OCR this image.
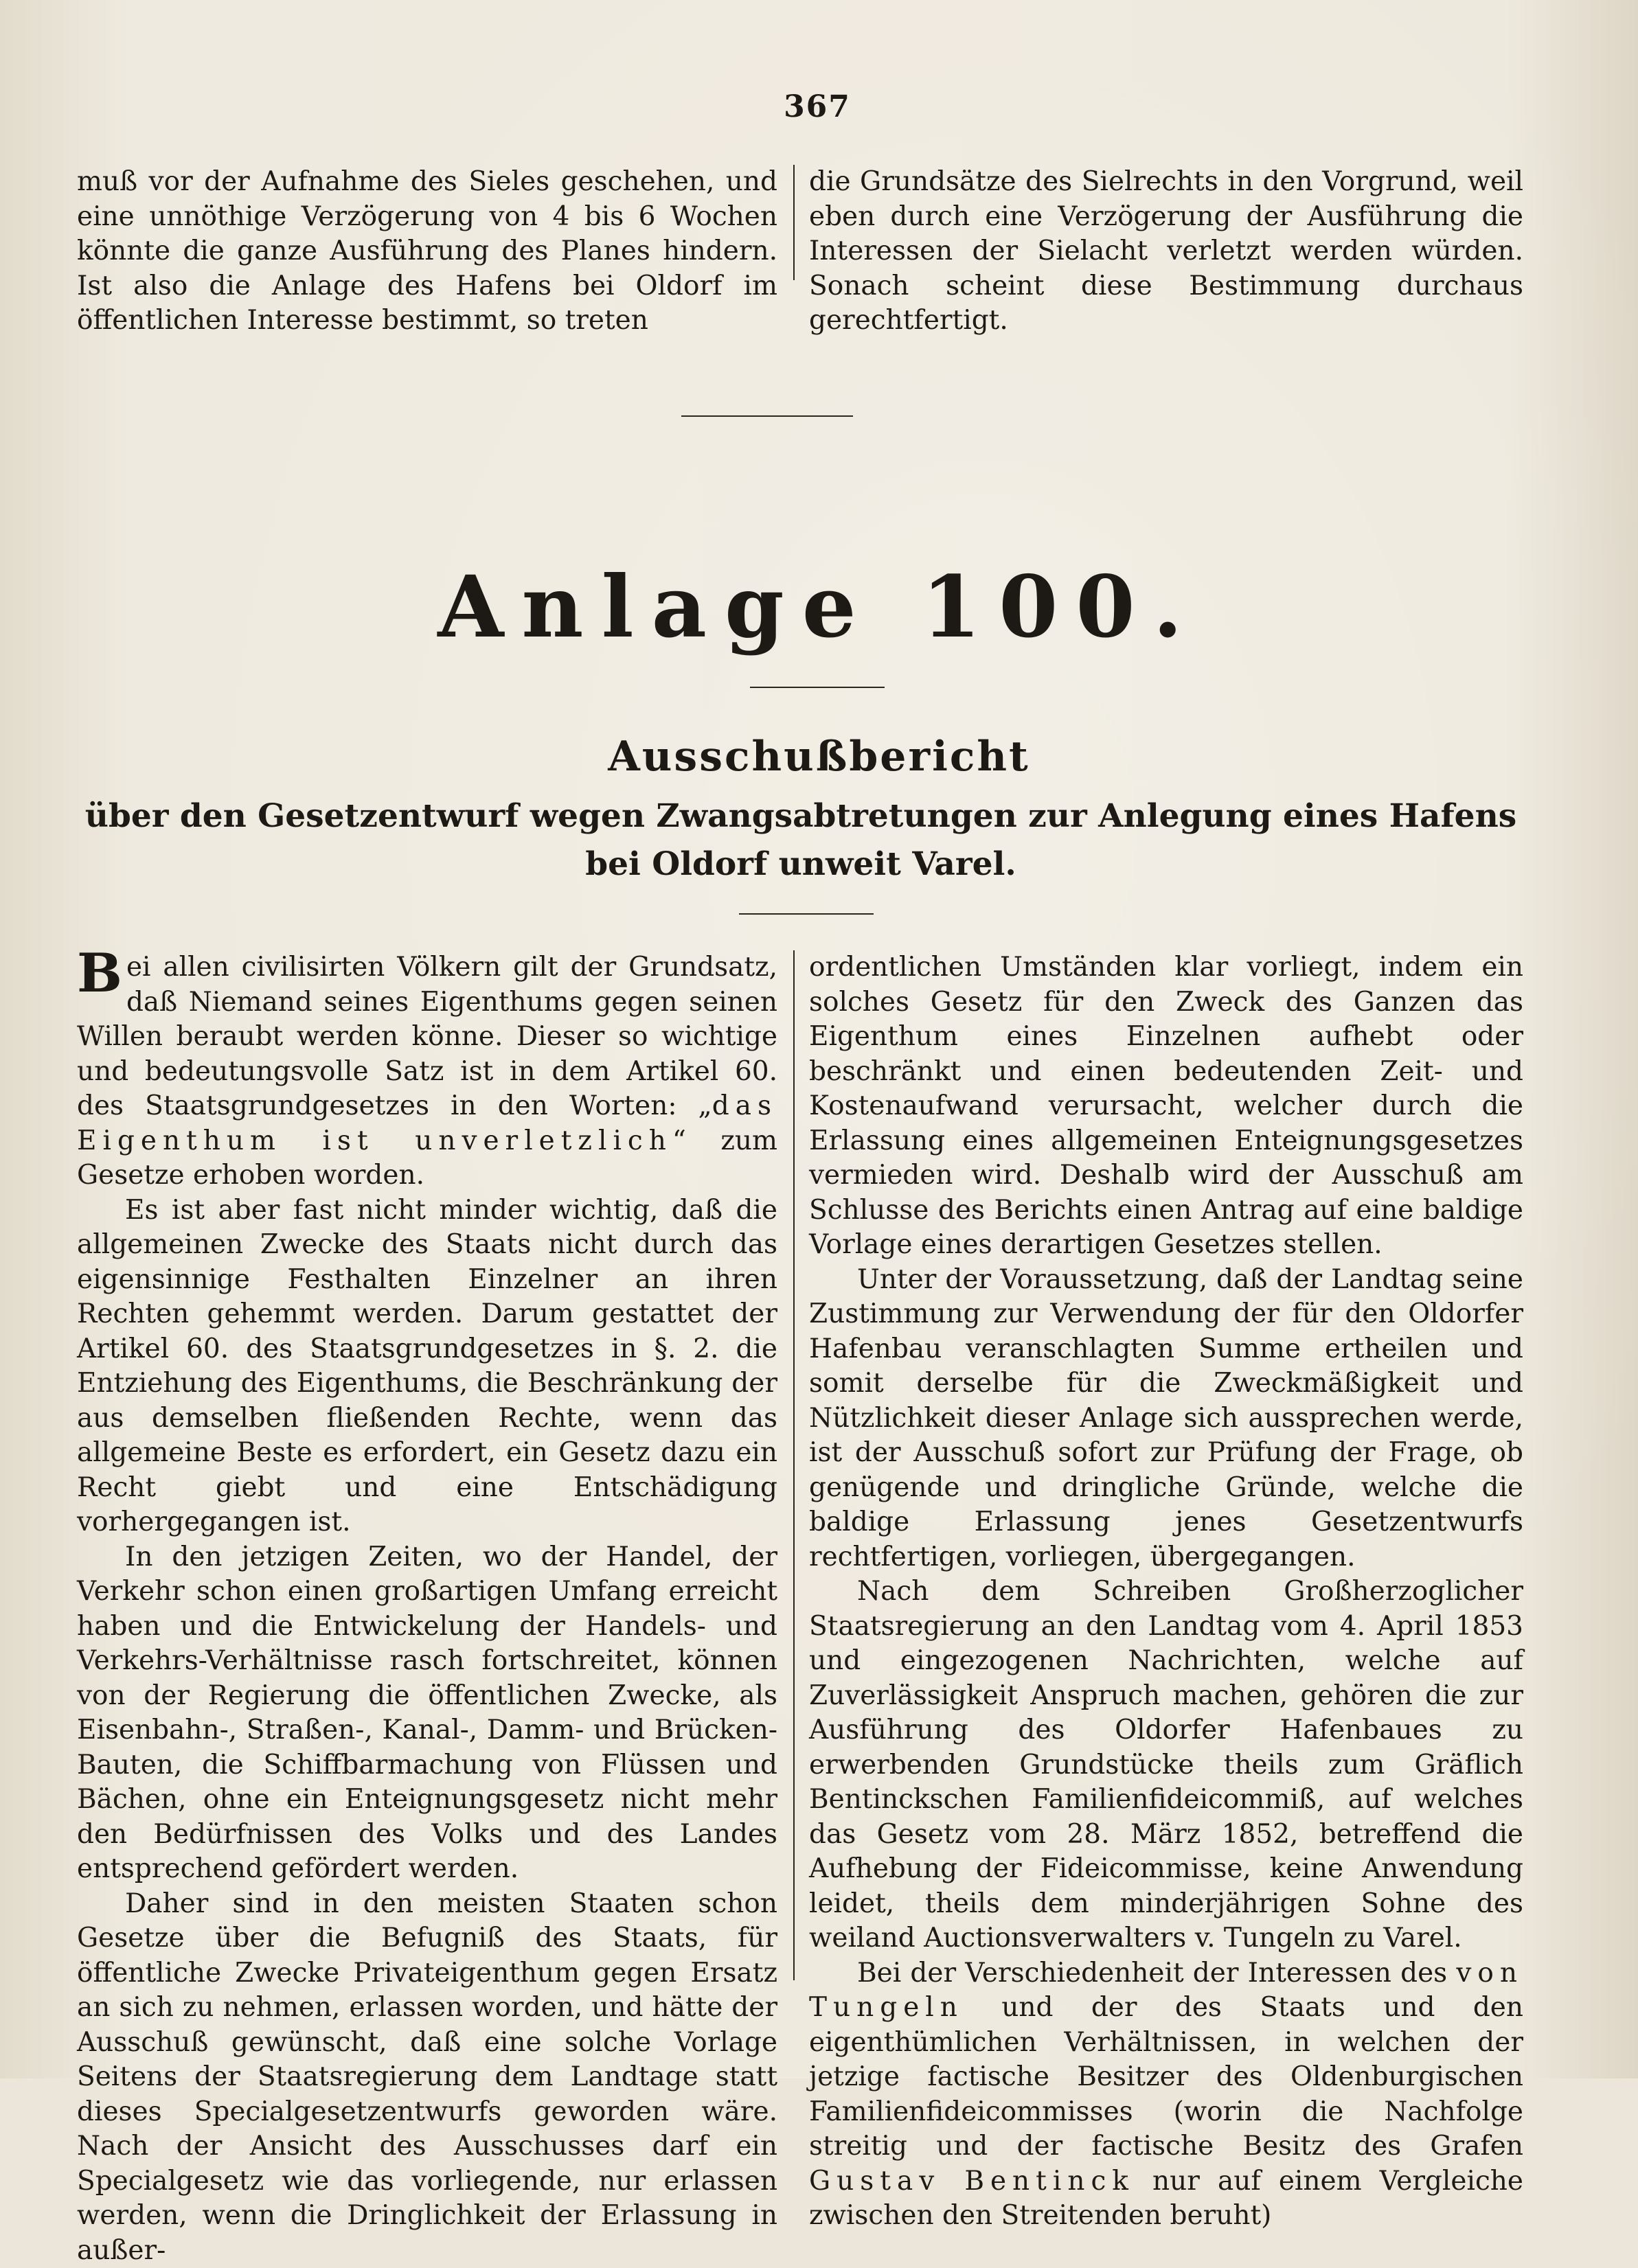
367

muß vor der Aufnahme des Sieles geschehen, und eine unnöthige Verzögerung von 4 bis 6 Wochen könnte die ganze Ausführung des Planes hindern. Ist also die Anlage des Hafens bei Oldorf im öffentlichen Interesse bestimmt, so treten

die Grundsätze des Sielrechts in den Vorgrund, weil eben durch eine Verzögerung der Ausführung die Interessen der Sielacht verletzt werden würden. Sonach scheint diese Bestimmung durchaus gerechtfertigt.

Anlage 100.
Ausschußbericht
über den Gesetzentwurf wegen Zwangsabtretungen zur Anlegung eines Hafens bei Oldorf unweit Varel.

Bei allen civilisirten Völkern gilt der Grundsatz, daß Niemand seines Eigenthums gegen seinen Willen beraubt werden könne. Dieser so wichtige und bedeutungsvolle Satz ist in dem Artikel 60. des Staatsgrundgesetzes in den Worten: „das Eigenthum ist unverletzlich“ zum Gesetze erhoben worden.

Es ist aber fast nicht minder wichtig, daß die allgemeinen Zwecke des Staats nicht durch das eigensinnige Festhalten Einzelner an ihren Rechten gehemmt werden. Darum gestattet der Artikel 60. des Staatsgrundgesetzes in §. 2. die Entziehung des Eigenthums, die Beschränkung der aus demselben fließenden Rechte, wenn das allgemeine Beste es erfordert, ein Gesetz dazu ein Recht giebt und eine Entschädigung vorhergegangen ist.

In den jetzigen Zeiten, wo der Handel, der Verkehr schon einen großartigen Umfang erreicht haben und die Entwickelung der Handels- und Verkehrs-Verhältnisse rasch fortschreitet, können von der Regierung die öffentlichen Zwecke, als Eisenbahn-, Straßen-, Kanal-, Damm- und Brücken-Bauten, die Schiffbarmachung von Flüssen und Bächen, ohne ein Enteignungsgesetz nicht mehr den Bedürfnissen des Volks und des Landes entsprechend gefördert werden.

Daher sind in den meisten Staaten schon Gesetze über die Befugniß des Staats, für öffentliche Zwecke Privateigenthum gegen Ersatz an sich zu nehmen, erlassen worden, und hätte der Ausschuß gewünscht, daß eine solche Vorlage Seitens der Staatsregierung dem Landtage statt dieses Specialgesetzentwurfs geworden wäre. Nach der Ansicht des Ausschusses darf ein Specialgesetz wie das vorliegende, nur erlassen werden, wenn die Dringlichkeit der Erlassung in außer-

ordentlichen Umständen klar vorliegt, indem ein solches Gesetz für den Zweck des Ganzen das Eigenthum eines Einzelnen aufhebt oder beschränkt und einen bedeutenden Zeit- und Kostenaufwand verursacht, welcher durch die Erlassung eines allgemeinen Enteignungsgesetzes vermieden wird. Deshalb wird der Ausschuß am Schlusse des Berichts einen Antrag auf eine baldige Vorlage eines derartigen Gesetzes stellen.

Unter der Voraussetzung, daß der Landtag seine Zustimmung zur Verwendung der für den Oldorfer Hafenbau veranschlagten Summe ertheilen und somit derselbe für die Zweckmäßigkeit und Nützlichkeit dieser Anlage sich aussprechen werde, ist der Ausschuß sofort zur Prüfung der Frage, ob genügende und dringliche Gründe, welche die baldige Erlassung jenes Gesetzentwurfs rechtfertigen, vorliegen, übergegangen.

Nach dem Schreiben Großherzoglicher Staatsregierung an den Landtag vom 4. April 1853 und eingezogenen Nachrichten, welche auf Zuverlässigkeit Anspruch machen, gehören die zur Ausführung des Oldorfer Hafenbaues zu erwerbenden Grundstücke theils zum Gräflich Bentinckschen Familienfideicommiß, auf welches das Gesetz vom 28. März 1852, betreffend die Aufhebung der Fideicommisse, keine Anwendung leidet, theils dem minderjährigen Sohne des weiland Auctionsverwalters v. Tungeln zu Varel.

Bei der Verschiedenheit der Interessen des von Tungeln und der des Staats und den eigenthümlichen Verhältnissen, in welchen der jetzige factische Besitzer des Oldenburgischen Familienfideicommisses (worin die Nachfolge streitig und der factische Besitz des Grafen Gustav Bentinck nur auf einem Vergleiche zwischen den Streitenden beruht)
